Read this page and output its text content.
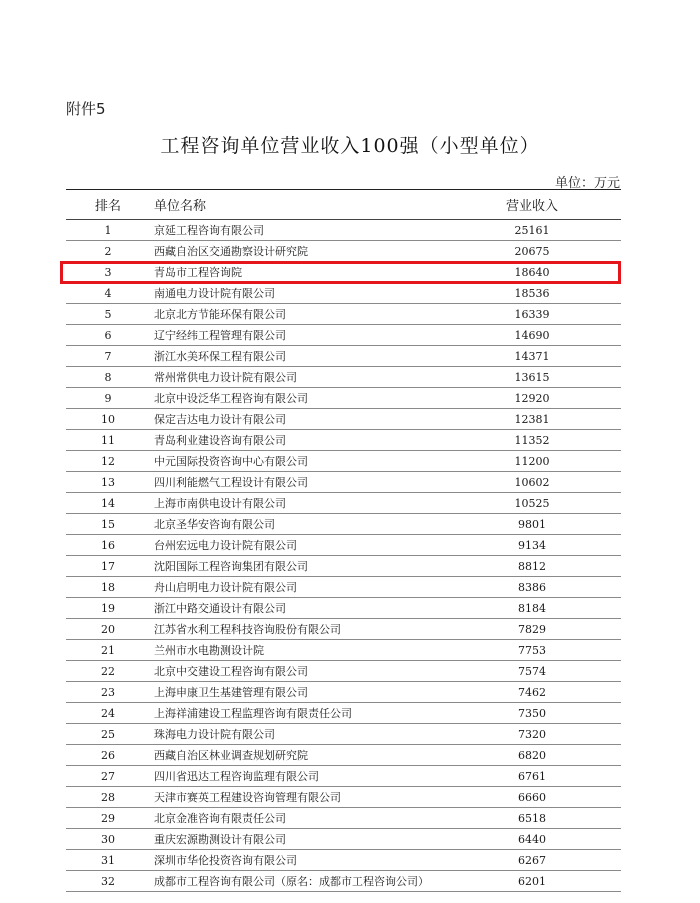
附件5
工程咨询单位营业收入100强（小型单位）
单位：万元
排名	单位名称	营业收入
1	京延工程咨询有限公司	25161
2	西藏自治区交通勘察设计研究院	20675
3	青岛市工程咨询院	18640
4	南通电力设计院有限公司	18536
5	北京北方节能环保有限公司	16339
6	辽宁经纬工程管理有限公司	14690
7	浙江水美环保工程有限公司	14371
8	常州常供电力设计院有限公司	13615
9	北京中设泛华工程咨询有限公司	12920
10	保定吉达电力设计有限公司	12381
11	青岛利业建设咨询有限公司	11352
12	中元国际投资咨询中心有限公司	11200
13	四川利能燃气工程设计有限公司	10602
14	上海市南供电设计有限公司	10525
15	北京圣华安咨询有限公司	9801
16	台州宏远电力设计院有限公司	9134
17	沈阳国际工程咨询集团有限公司	8812
18	舟山启明电力设计院有限公司	8386
19	浙江中路交通设计有限公司	8184
20	江苏省水利工程科技咨询股份有限公司	7829
21	兰州市水电勘测设计院	7753
22	北京中交建设工程咨询有限公司	7574
23	上海申康卫生基建管理有限公司	7462
24	上海祥浦建设工程监理咨询有限责任公司	7350
25	珠海电力设计院有限公司	7320
26	西藏自治区林业调查规划研究院	6820
27	四川省迅达工程咨询监理有限公司	6761
28	天津市赛英工程建设咨询管理有限公司	6660
29	北京金准咨询有限责任公司	6518
30	重庆宏源勘测设计有限公司	6440
31	深圳市华伦投资咨询有限公司	6267
32	成都市工程咨询有限公司（原名：成都市工程咨询公司）	6201
